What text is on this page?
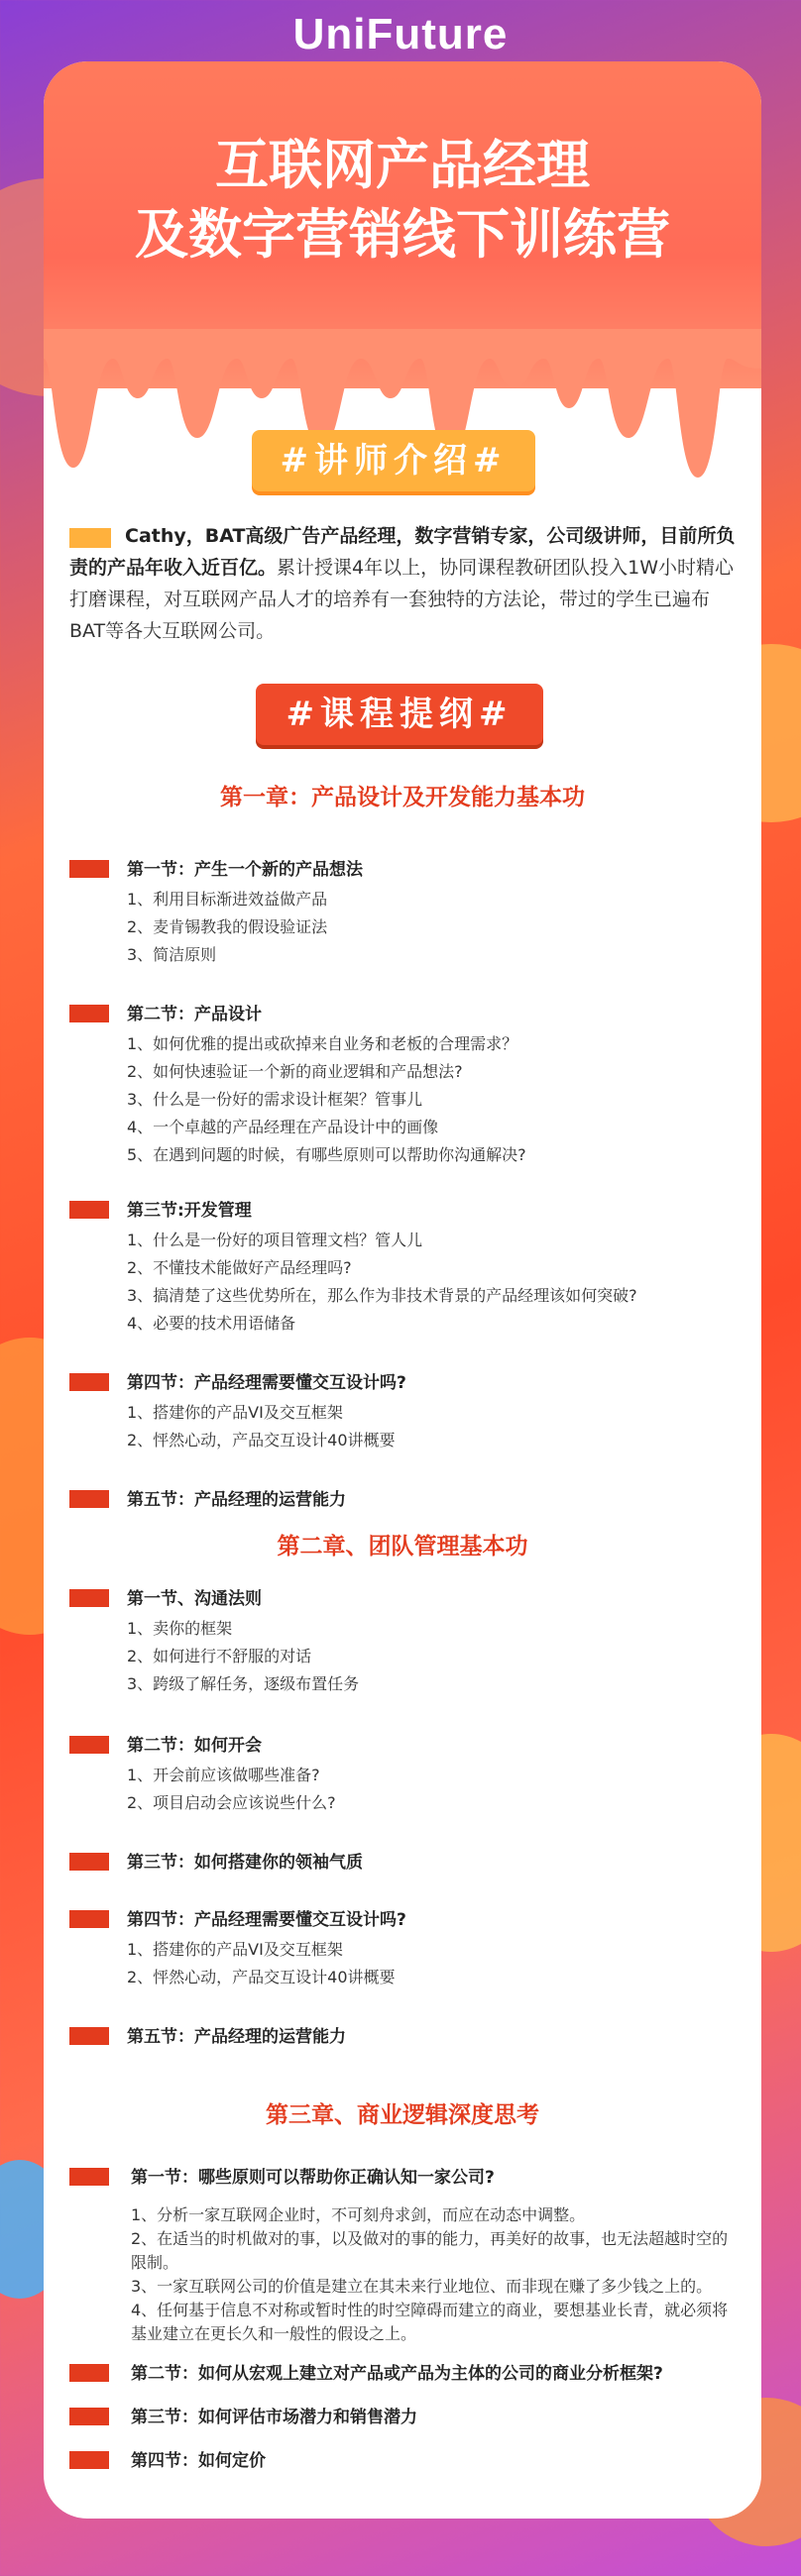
UniFuture
互联网产品经理
及数字营销线下训练营
#讲师介绍#
Cathy，BAT高级广告产品经理，数字营销专家，公司级讲师，目前所负责的产品年收入近百亿。累计授课4年以上，协同课程教研团队投入1W小时精心打磨课程，对互联网产品人才的培养有一套独特的方法论，带过的学生已遍布BAT等各大互联网公司。
#课程提纲#
第一章：产品设计及开发能力基本功
第一节：产生一个新的产品想法
1、利用目标渐进效益做产品
2、麦肯锡教我的假设验证法
3、简洁原则
第二节：产品设计
1、如何优雅的提出或砍掉来自业务和老板的合理需求？
2、如何快速验证一个新的商业逻辑和产品想法?
3、什么是一份好的需求设计框架？管事儿
4、一个卓越的产品经理在产品设计中的画像
5、在遇到问题的时候，有哪些原则可以帮助你沟通解决?
第三节:开发管理
1、什么是一份好的项目管理文档？管人儿
2、不懂技术能做好产品经理吗?
3、搞清楚了这些优势所在，那么作为非技术背景的产品经理该如何突破?
4、必要的技术用语储备
第四节：产品经理需要懂交互设计吗?
1、搭建你的产品VI及交互框架
2、怦然心动，产品交互设计40讲概要
第五节：产品经理的运营能力
第二章、团队管理基本功
第一节、沟通法则
1、卖你的框架
2、如何进行不舒服的对话
3、跨级了解任务，逐级布置任务
第二节：如何开会
1、开会前应该做哪些准备?
2、项目启动会应该说些什么?
第三节：如何搭建你的领袖气质
第四节：产品经理需要懂交互设计吗?
1、搭建你的产品VI及交互框架
2、怦然心动，产品交互设计40讲概要
第五节：产品经理的运营能力
第三章、商业逻辑深度思考
第一节：哪些原则可以帮助你正确认知一家公司?
1、分析一家互联网企业时，不可刻舟求剑，而应在动态中调整。
2、在适当的时机做对的事，以及做对的事的能力，再美好的故事，也无法超越时空的限制。
3、一家互联网公司的价值是建立在其未来行业地位、而非现在赚了多少钱之上的。
4、任何基于信息不对称或暂时性的时空障碍而建立的商业，要想基业长青，就必须将基业建立在更长久和一般性的假设之上。
第二节：如何从宏观上建立对产品或产品为主体的公司的商业分析框架?
第三节：如何评估市场潜力和销售潜力
第四节：如何定价
